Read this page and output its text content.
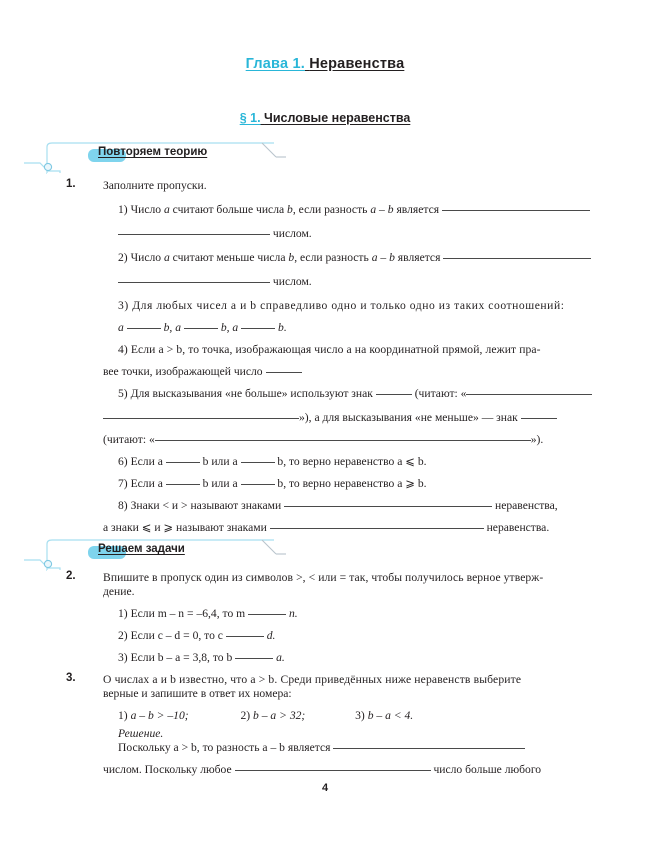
Глава 1. Неравенства
§ 1. Числовые неравенства
Повторяем теорию
1. Заполните пропуски.
1) Число a считают больше числа b, если разность a – b является
числом.
2) Число a считают меньше числа b, если разность a – b является
числом.
3) Для любых чисел a и b справедливо одно и только одно из таких соотношений:
a	b, a	b, a	b.
4) Если a > b, то точка, изображающая число a на координатной прямой, лежит пра-
вее точки, изображающей число
5) Для высказывания «не больше» используют знак	(читают: «
»), а для высказывания «не меньше» — знак
(читают: «	»).
6) Если a	b или a	b, то верно неравенство a ⩽ b.
7) Если a	b или a	b, то верно неравенство a ⩾ b.
8) Знаки < и > называют знаками	неравенства,
а знаки ⩽ и ⩾ называют знаками	неравенства.
Решаем задачи
2. Впишите в пропуск один из символов >, < или = так, чтобы получилось верное утверж-
дение.
1) Если m – n = –6,4, то m	n.
2) Если c – d = 0, то c	d.
3) Если b – a = 3,8, то b	a.
3. О числах a и b известно, что a > b. Среди приведённых ниже неравенств выберите
верные и запишите в ответ их номера:
1) a – b > –10;	2) b – a > 32;	3) b – a < 4.
Решение.
Поскольку a > b, то разность a – b является
числом. Поскольку любое	число больше любого
4
